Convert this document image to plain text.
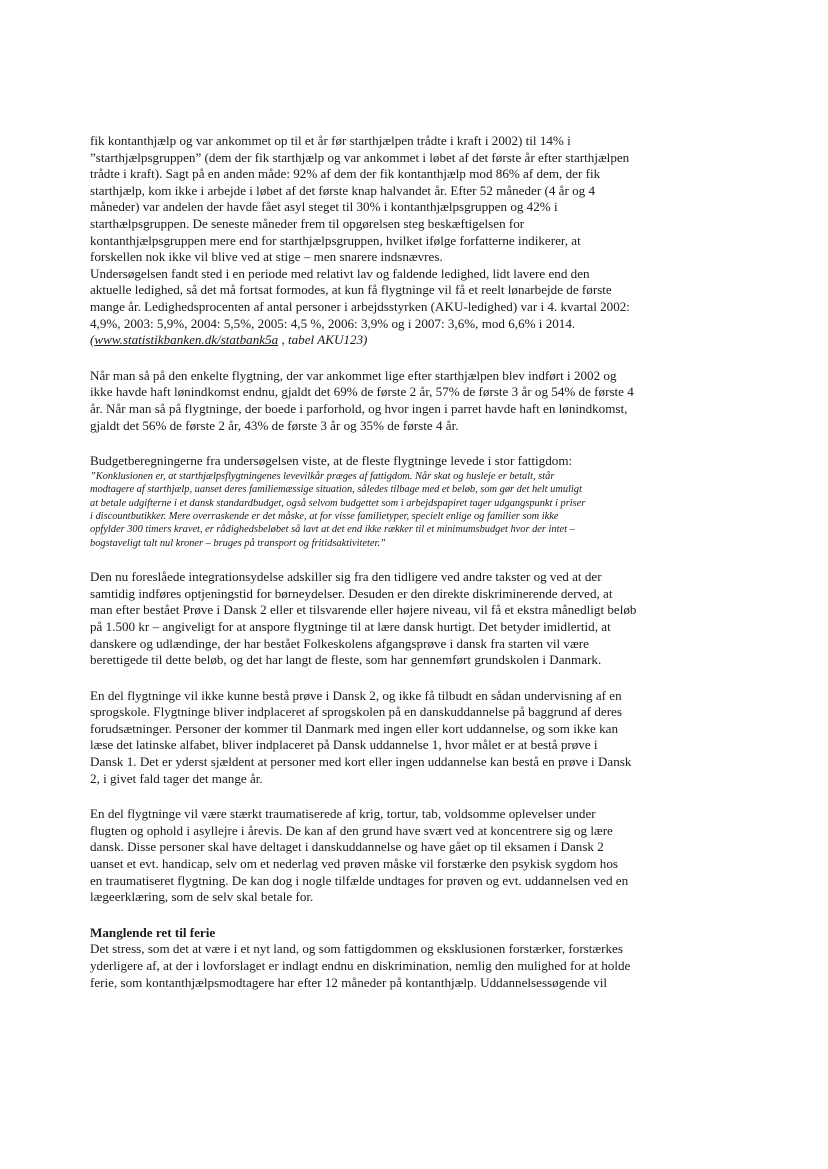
fik kontanthjælp og var ankommet op til et år før starthjælpen trådte i kraft i 2002) til 14% i
”starthjælpsgruppen” (dem der fik starthjælp og var ankommet i løbet af det første år efter starthjælpen
trådte i kraft). Sagt på en anden måde: 92% af dem der fik kontanthjælp mod 86% af dem, der fik
starthjælp, kom ikke i arbejde i løbet af det første knap halvandet år. Efter 52 måneder (4 år og 4
måneder) var andelen der havde fået asyl steget til 30% i kontanthjælpsgruppen og 42% i
starthælpsgruppen. De seneste måneder frem til opgørelsen steg beskæftigelsen for
kontanthjælpsgruppen mere end for starthjælpsgruppen, hvilket ifølge forfatterne indikerer, at
forskellen nok ikke vil blive ved at stige – men snarere indsnævres.
Undersøgelsen fandt sted i en periode med relativt lav og faldende ledighed, lidt lavere end den
aktuelle ledighed, så det må fortsat formodes, at kun få flygtninge vil få et reelt lønarbejde de første
mange år. Ledighedsprocenten af antal personer i arbejdsstyrken (AKU-ledighed) var i 4. kvartal 2002:
4,9%, 2003: 5,9%, 2004: 5,5%, 2005: 4,5 %, 2006: 3,9% og i 2007: 3,6%, mod 6,6% i 2014.
(www.statistikbanken.dk/statbank5a , tabel AKU123)
Når man så på den enkelte flygtning, der var ankommet lige efter starthjælpen blev indført i 2002 og
ikke havde haft lønindkomst endnu, gjaldt det 69% de første 2 år, 57% de første 3 år og 54% de første 4
år. Når man så på flygtninge, der boede i parforhold, og hvor ingen i parret havde haft en lønindkomst,
gjaldt det 56% de første 2 år, 43% de første 3 år og 35% de første 4 år.
Budgetberegningerne fra undersøgelsen viste, at de fleste flygtninge levede i stor fattigdom:
”Konklusionen er, at starthjælpsflygtningenes levevilkår præges af fattigdom. Når skat og husleje er betalt, står
modtagere af starthjælp, uanset deres familiemæssige situation, således tilbage med et beløb, som gør det helt umuligt
at betale udgifterne i et dansk standardbudget, også selvom budgettet som i arbejdspapiret tager udgangspunkt i priser
i discountbutikker. Mere overraskende er det måske, at for visse familietyper, specielt enlige og familier som ikke
opfylder 300 timers kravet, er rådighedsbeløbet så lavt at det end ikke rækker til et minimumsbudget hvor der intet –
bogstaveligt talt nul kroner – bruges på transport og fritidsaktiviteter.”
Den nu foreslåede integrationsydelse adskiller sig fra den tidligere ved andre takster og ved at der
samtidig indføres optjeningstid for børneydelser. Desuden er den direkte diskriminerende derved, at
man efter bestået Prøve i Dansk 2 eller et tilsvarende eller højere niveau, vil få et ekstra månedligt beløb
på 1.500 kr – angiveligt for at anspore flygtninge til at lære dansk hurtigt. Det betyder imidlertid, at
danskere og udlændinge, der har bestået Folkeskolens afgangsprøve i dansk fra starten vil være
berettigede til dette beløb, og det har langt de fleste, som har gennemført grundskolen i Danmark.
En del flygtninge vil ikke kunne bestå prøve i Dansk 2, og ikke få tilbudt en sådan undervisning af en
sprogskole. Flygtninge bliver indplaceret af sprogskolen på en danskuddannelse på baggrund af deres
forudsætninger. Personer der kommer til Danmark med ingen eller kort uddannelse, og som ikke kan
læse det latinske alfabet, bliver indplaceret på Dansk uddannelse 1, hvor målet er at bestå prøve i
Dansk 1. Det er yderst sjældent at personer med kort eller ingen uddannelse kan bestå en prøve i Dansk
2, i givet fald tager det mange år.
En del flygtninge vil være stærkt traumatiserede af krig, tortur, tab, voldsomme oplevelser under
flugten og ophold i asyllejre i årevis. De kan af den grund have svært ved at koncentrere sig og lære
dansk. Disse personer skal have deltaget i danskuddannelse og have gået op til eksamen i Dansk 2
uanset et evt. handicap, selv om et nederlag ved prøven måske vil forstærke den psykisk sygdom hos
en traumatiseret flygtning. De kan dog i nogle tilfælde undtages for prøven og evt. uddannelsen ved en
lægeerklæring, som de selv skal betale for.
Manglende ret til ferie
Det stress, som det at være i et nyt land, og som fattigdommen og eksklusionen forstærker, forstærkes
yderligere af, at der i lovforslaget er indlagt endnu en diskrimination, nemlig den mulighed for at holde
ferie, som kontanthjælpsmodtagere har efter 12 måneder på kontanthjælp. Uddannelsessøgende vil
